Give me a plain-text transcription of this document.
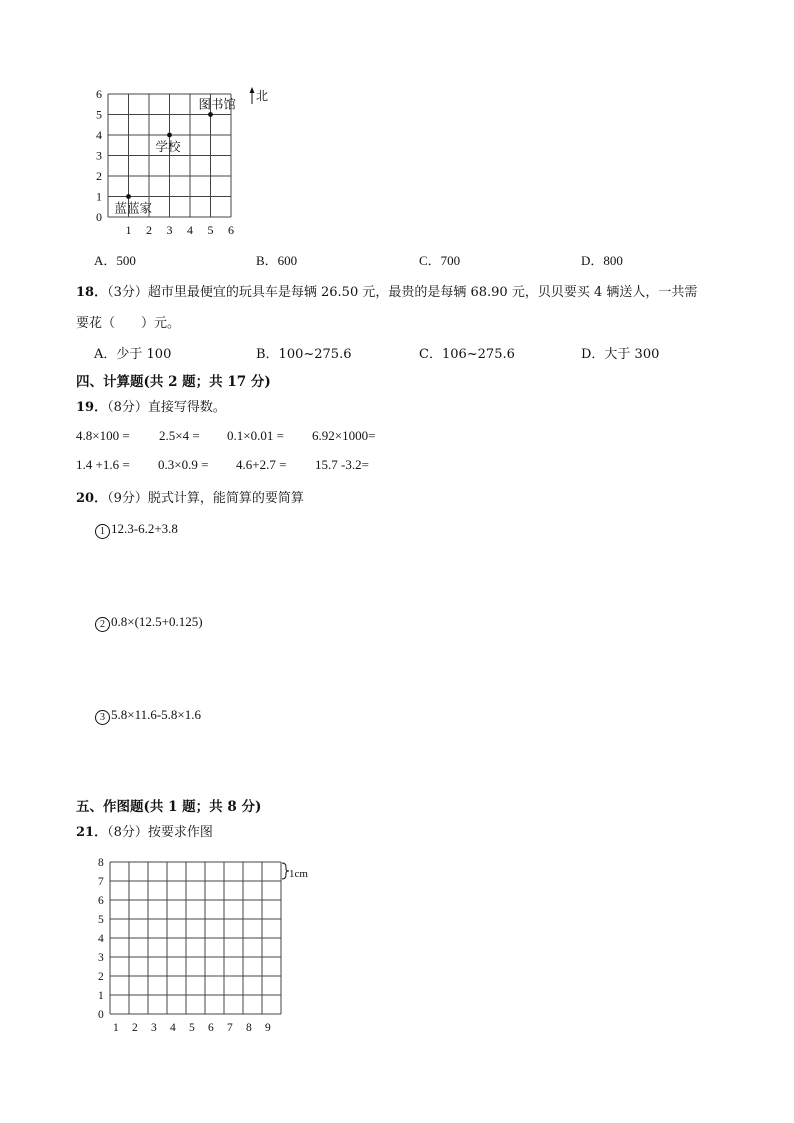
6
5
4
3
2
1
0
1 2 3 4 5 6
图书馆
学校
蓝蓝家
北
A．500	B．600	C．700	D．800
18．（3分）超市里最便宜的玩具车是每辆 26.50 元，最贵的是每辆 68.90 元，贝贝要买 4 辆送人，一共需
要花（　　）元。
A．少于 100	B．100~275.6	C．106~275.6	D．大于 300
四、计算题(共 2 题；共 17 分)
19．（8分）直接写得数。
4.8×100 = 2.5×4 = 0.1×0.01 = 6.92×1000=
1.4 +1.6 = 0.3×0.9 = 4.6+2.7 = 15.7 -3.2=
20．（9分）脱式计算，能简算的要简算
1 12.3-6.2+3.8
2 0.8×(12.5+0.125)
3 5.8×11.6-5.8×1.6
五、作图题(共 1 题；共 8 分)
21．（8分）按要求作图
8
7
6
5
4
3
2
1
0
1 2 3 4 5 6 7 8 9
1cm
